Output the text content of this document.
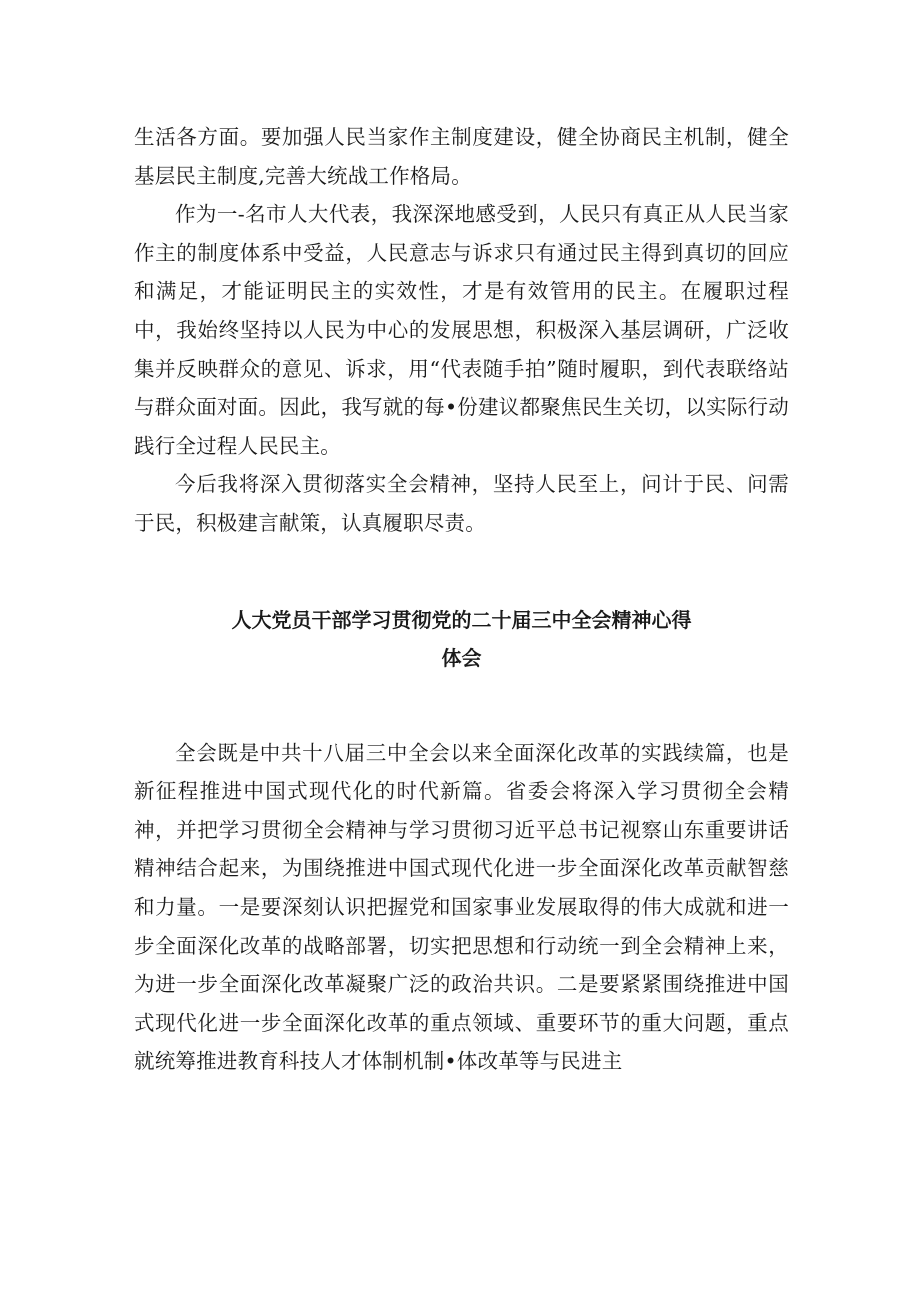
生活各方面。要加强人民当家作主制度建设，健全协商民主机制，健全基层民主制度,完善大统战工作格局。

作为一-名市人大代表，我深深地感受到，人民只有真正从人民当家作主的制度体系中受益，人民意志与诉求只有通过民主得到真切的回应和满足，才能证明民主的实效性，才是有效管用的民主。在履职过程中，我始终坚持以人民为中心的发展思想，积极深入基层调研，广泛收集并反映群众的意见、诉求，用“代表随手拍”随时履职，到代表联络站与群众面对面。因此，我写就的每•份建议都聚焦民生关切，以实际行动践行全过程人民民主。

今后我将深入贯彻落实全会精神，坚持人民至上，问计于民、问需于民，积极建言献策，认真履职尽责。

人大党员干部学习贯彻党的二十届三中全会精神心得
体会

全会既是中共十八届三中全会以来全面深化改革的实践续篇，也是新征程推进中国式现代化的时代新篇。省委会将深入学习贯彻全会精神，并把学习贯彻全会精神与学习贯彻习近平总书记视察山东重要讲话精神结合起来，为围绕推进中国式现代化进一步全面深化改革贡献智慈和力量。一是要深刻认识把握党和国家事业发展取得的伟大成就和进一步全面深化改革的战略部署，切实把思想和行动统一到全会精神上来，为进一步全面深化改革凝聚广泛的政治共识。二是要紧紧围绕推进中国式现代化进一步全面深化改革的重点领域、重要环节的重大问题，重点就统筹推进教育科技人才体制机制•体改革等与民进主
